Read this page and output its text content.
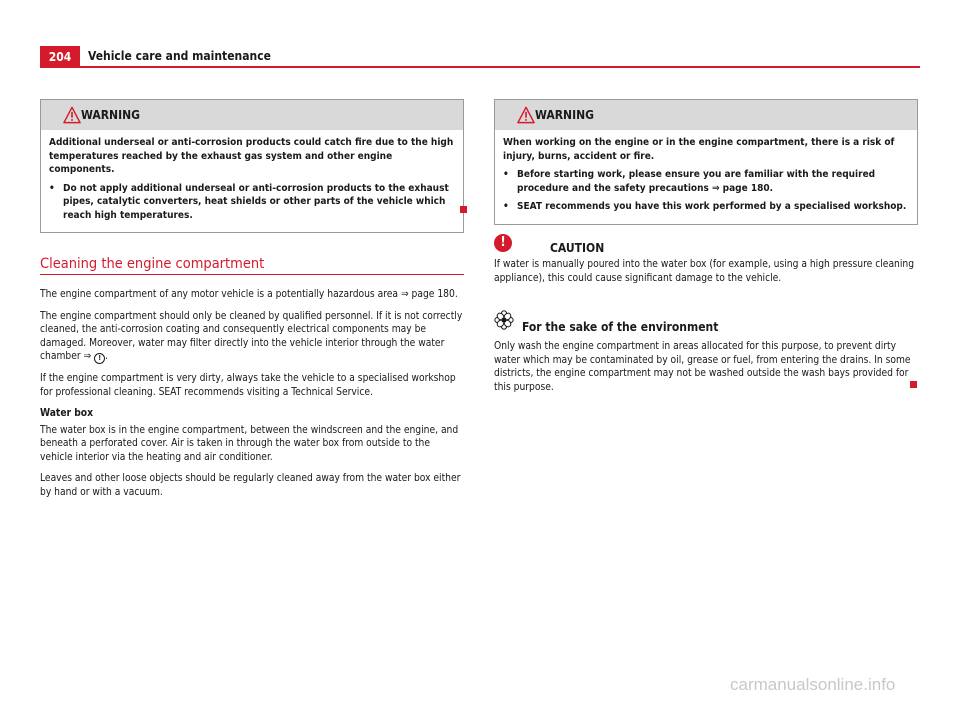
204	Vehicle care and maintenance
WARNING

Additional underseal or anti-corrosion products could catch fire due to the high temperatures reached by the exhaust gas system and other engine components.

• Do not apply additional underseal or anti-corrosion products to the exhaust pipes, catalytic converters, heat shields or other parts of the vehicle which reach high temperatures.
Cleaning the engine compartment

The engine compartment of any motor vehicle is a potentially hazardous area ⇒ page 180.

The engine compartment should only be cleaned by qualified personnel. If it is not correctly cleaned, the anti-corrosion coating and consequently electrical components may be damaged. Moreover, water may filter directly into the vehicle interior through the water chamber ⇒ ! .

If the engine compartment is very dirty, always take the vehicle to a specialised workshop for professional cleaning. SEAT recommends visiting a Technical Service.

Water box

The water box is in the engine compartment, between the windscreen and the engine, and beneath a perforated cover. Air is taken in through the water box from outside to the vehicle interior via the heating and air conditioner.

Leaves and other loose objects should be regularly cleaned away from the water box either by hand or with a vacuum.

WARNING

When working on the engine or in the engine compartment, there is a risk of injury, burns, accident or fire.

• Before starting work, please ensure you are familiar with the required procedure and the safety precautions ⇒ page 180.
• SEAT recommends you have this work performed by a specialised workshop.
!	CAUTION
If water is manually poured into the water box (for example, using a high pressure cleaning appliance), this could cause significant damage to the vehicle.
For the sake of the environment
Only wash the engine compartment in areas allocated for this purpose, to prevent dirty water which may be contaminated by oil, grease or fuel, from entering the drains. In some districts, the engine compartment may not be washed outside the wash bays provided for this purpose.
carmanualsonline.info
